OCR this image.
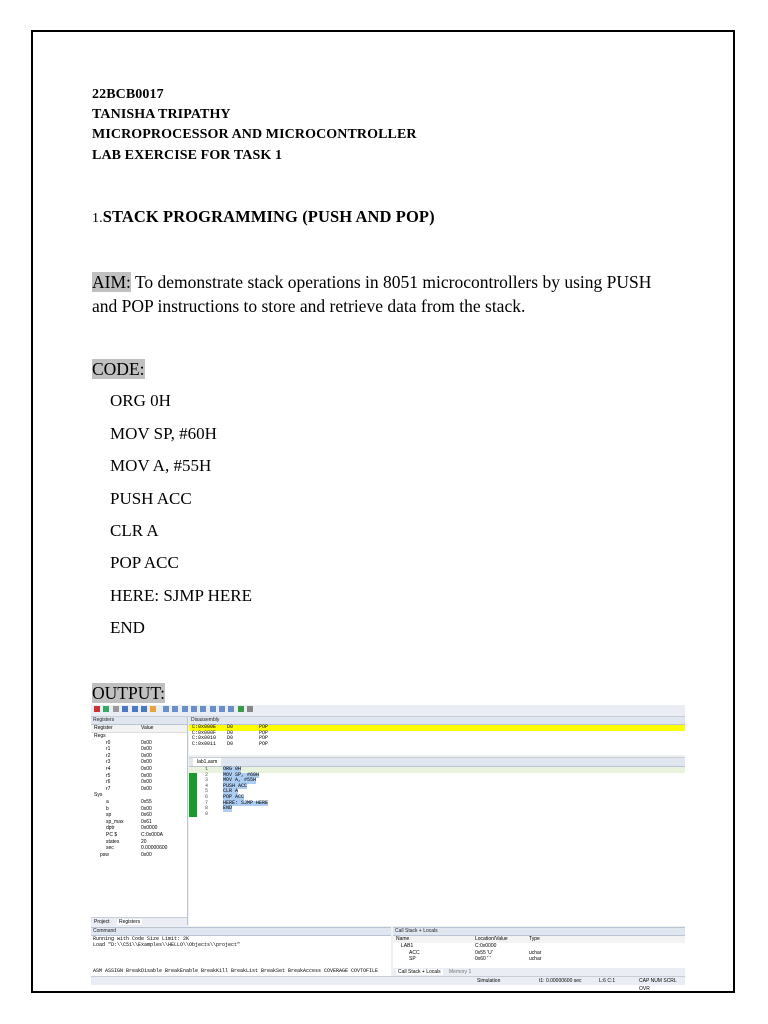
22BCB0017
TANISHA TRIPATHY
MICROPROCESSOR AND MICROCONTROLLER
LAB EXERCISE FOR TASK 1
1.STACK PROGRAMMING (PUSH AND POP)
AIM: To demonstrate stack operations in 8051 microcontrollers by using PUSH
and POP instructions to store and retrieve data from the stack.
CODE:
ORG 0H
MOV SP, #60H
MOV A, #55H
PUSH ACC
CLR A
POP ACC
HERE: SJMP HERE
END
OUTPUT:

Registers
Register	Value
Regs
r0	0x00
r1	0x00
r2	0x00
r3	0x00
r4	0x00
r5	0x00
r6	0x00
r7	0x00
Sys
a	0x55
b	0x00
sp	0x60
sp_max	0x61
dptr	0x0000
PC $	C:0x000A
states	20
sec	0.00000600
psw	0x00
Project	Registers
Disassembly
C:0x000E D0	POP
C:0x000F D0	POP
C:0x0010 D0	POP
C:0x0011 D0	POP
lab1.asm
1	ORG 0H
2	MOV SP, #60H
3	MOV A, #55H
4	PUSH ACC
5	CLR A
6	POP ACC
7	HERE: SJMP HERE
8	END
9
Command
Running with Code Size Limit: 2K
Load "D:\\C51\\Examples\\HELLO\\Objects\\project"
ASM ASSIGN BreakDisable BreakEnable BreakKill BreakList BreakSet BreakAccess COVERAGE COVTOFILE
Call Stack + Locals
Name	Location/Value	Type
LAB1	C:0x0000
ACC	0x55 'U'	uchar
SP	0x60 '`'	uchar
Call Stack + Locals	Memory 1
Simulation	t1: 0.00000600 sec	L:6 C:1	CAP NUM SCRL OVR
